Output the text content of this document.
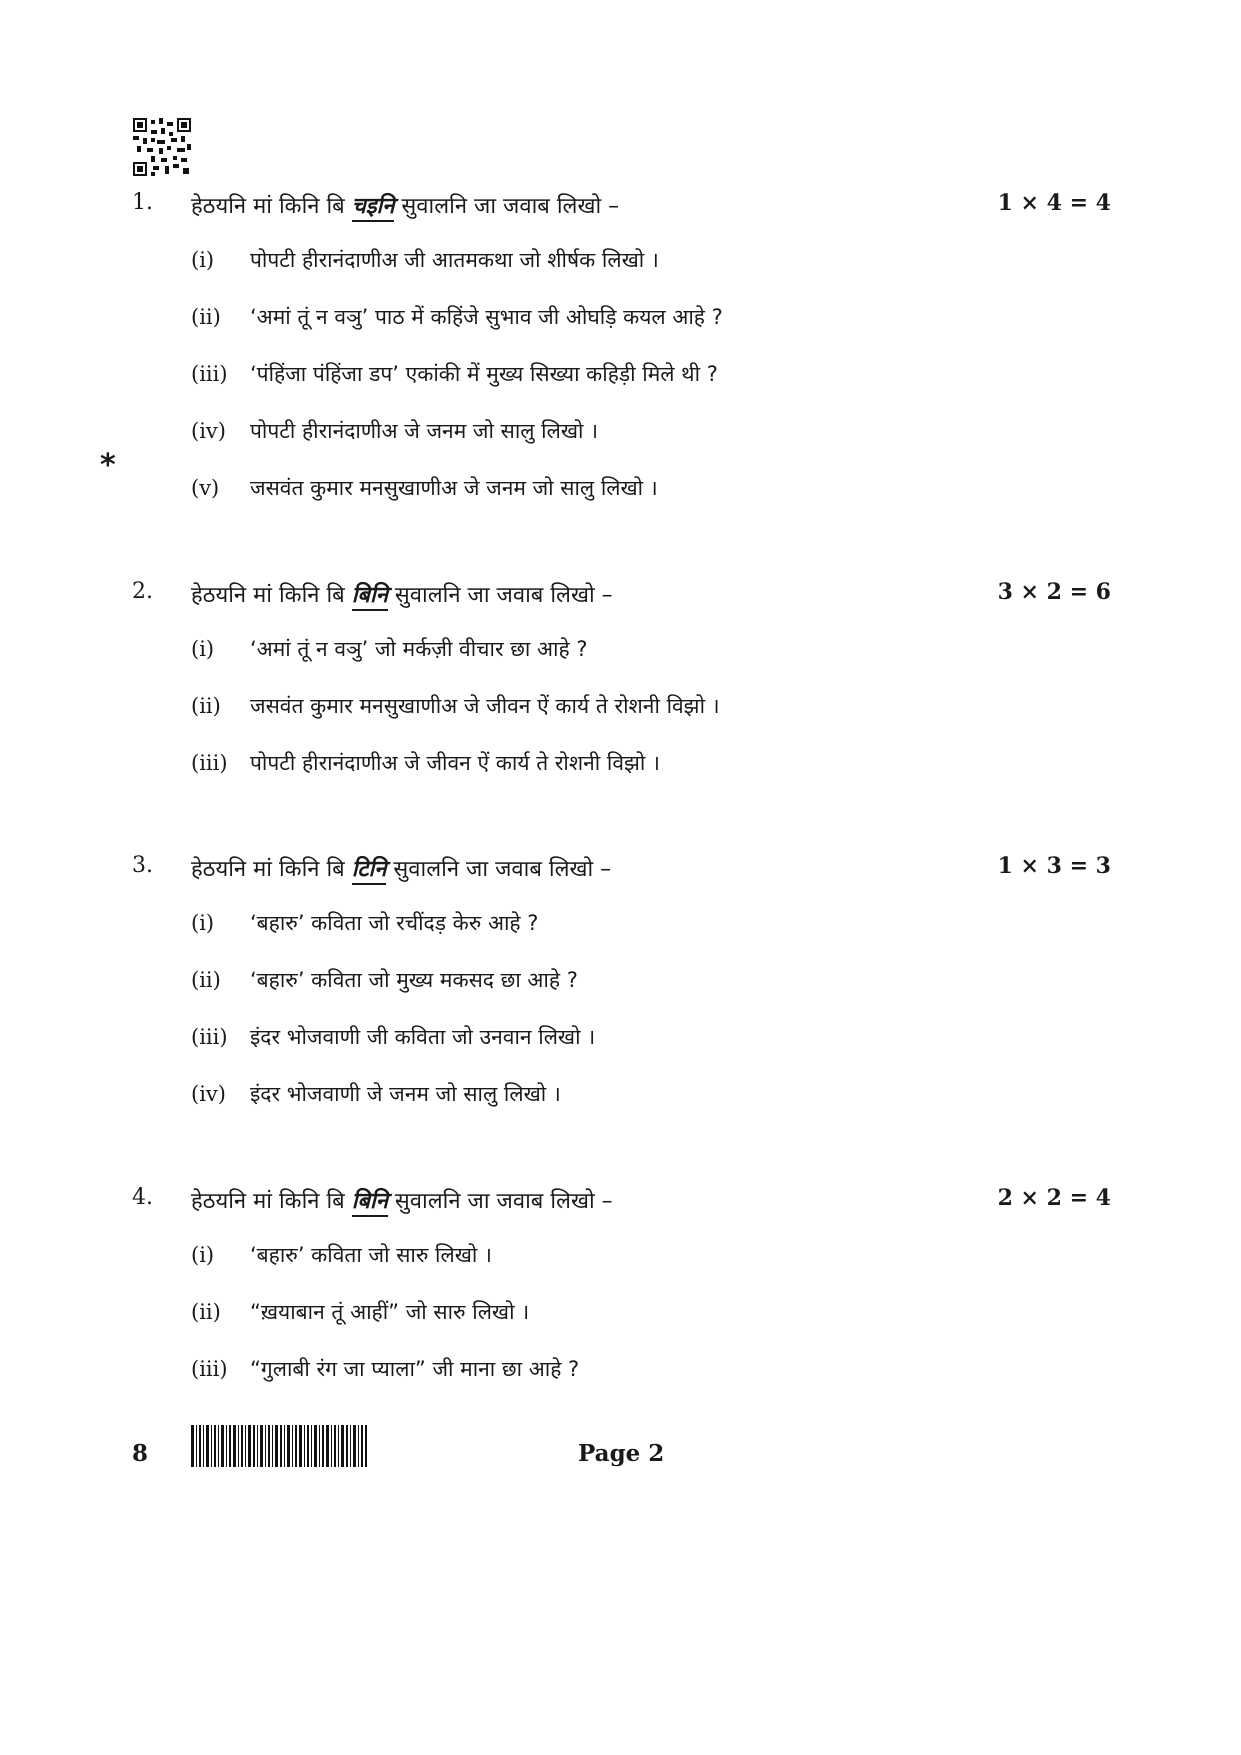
*
1. हेठयनि मां किनि बि चइनि सुवालनि जा जवाब लिखो –	1 × 4 = 4
(i) पोपटी हीरानंदाणीअ जी आतमकथा जो शीर्षक लिखो ।
(ii) ‘अमां तूं न वञु’ पाठ में कहिंजे सुभाव जी ओघड़ि कयल आहे ?
(iii) ‘पंहिंजा पंहिंजा डप’ एकांकी में मुख्य सिख्या कहिड़ी मिले थी ?
(iv) पोपटी हीरानंदाणीअ जे जनम जो सालु लिखो ।
(v) जसवंत कुमार मनसुखाणीअ जे जनम जो सालु लिखो ।
2. हेठयनि मां किनि बि बिनि सुवालनि जा जवाब लिखो –	3 × 2 = 6
(i) ‘अमां तूं न वञु’ जो मर्कज़ी वीचार छा आहे ?
(ii) जसवंत कुमार मनसुखाणीअ जे जीवन ऐं कार्य ते रोशनी विझो ।
(iii) पोपटी हीरानंदाणीअ जे जीवन ऐं कार्य ते रोशनी विझो ।
3. हेठयनि मां किनि बि टिनि सुवालनि जा जवाब लिखो –	1 × 3 = 3
(i) ‘बहारु’ कविता जो रचींदड़ केरु आहे ?
(ii) ‘बहारु’ कविता जो मुख्य मकसद छा आहे ?
(iii) इंदर भोजवाणी जी कविता जो उनवान लिखो ।
(iv) इंदर भोजवाणी जे जनम जो सालु लिखो ।
4. हेठयनि मां किनि बि बिनि सुवालनि जा जवाब लिखो –	2 × 2 = 4
(i) ‘बहारु’ कविता जो सारु लिखो ।
(ii) “ख़याबान तूं आहीं” जो सारु लिखो ।
(iii) “गुलाबी रंग जा प्याला” जी माना छा आहे ?
8	Page 2
